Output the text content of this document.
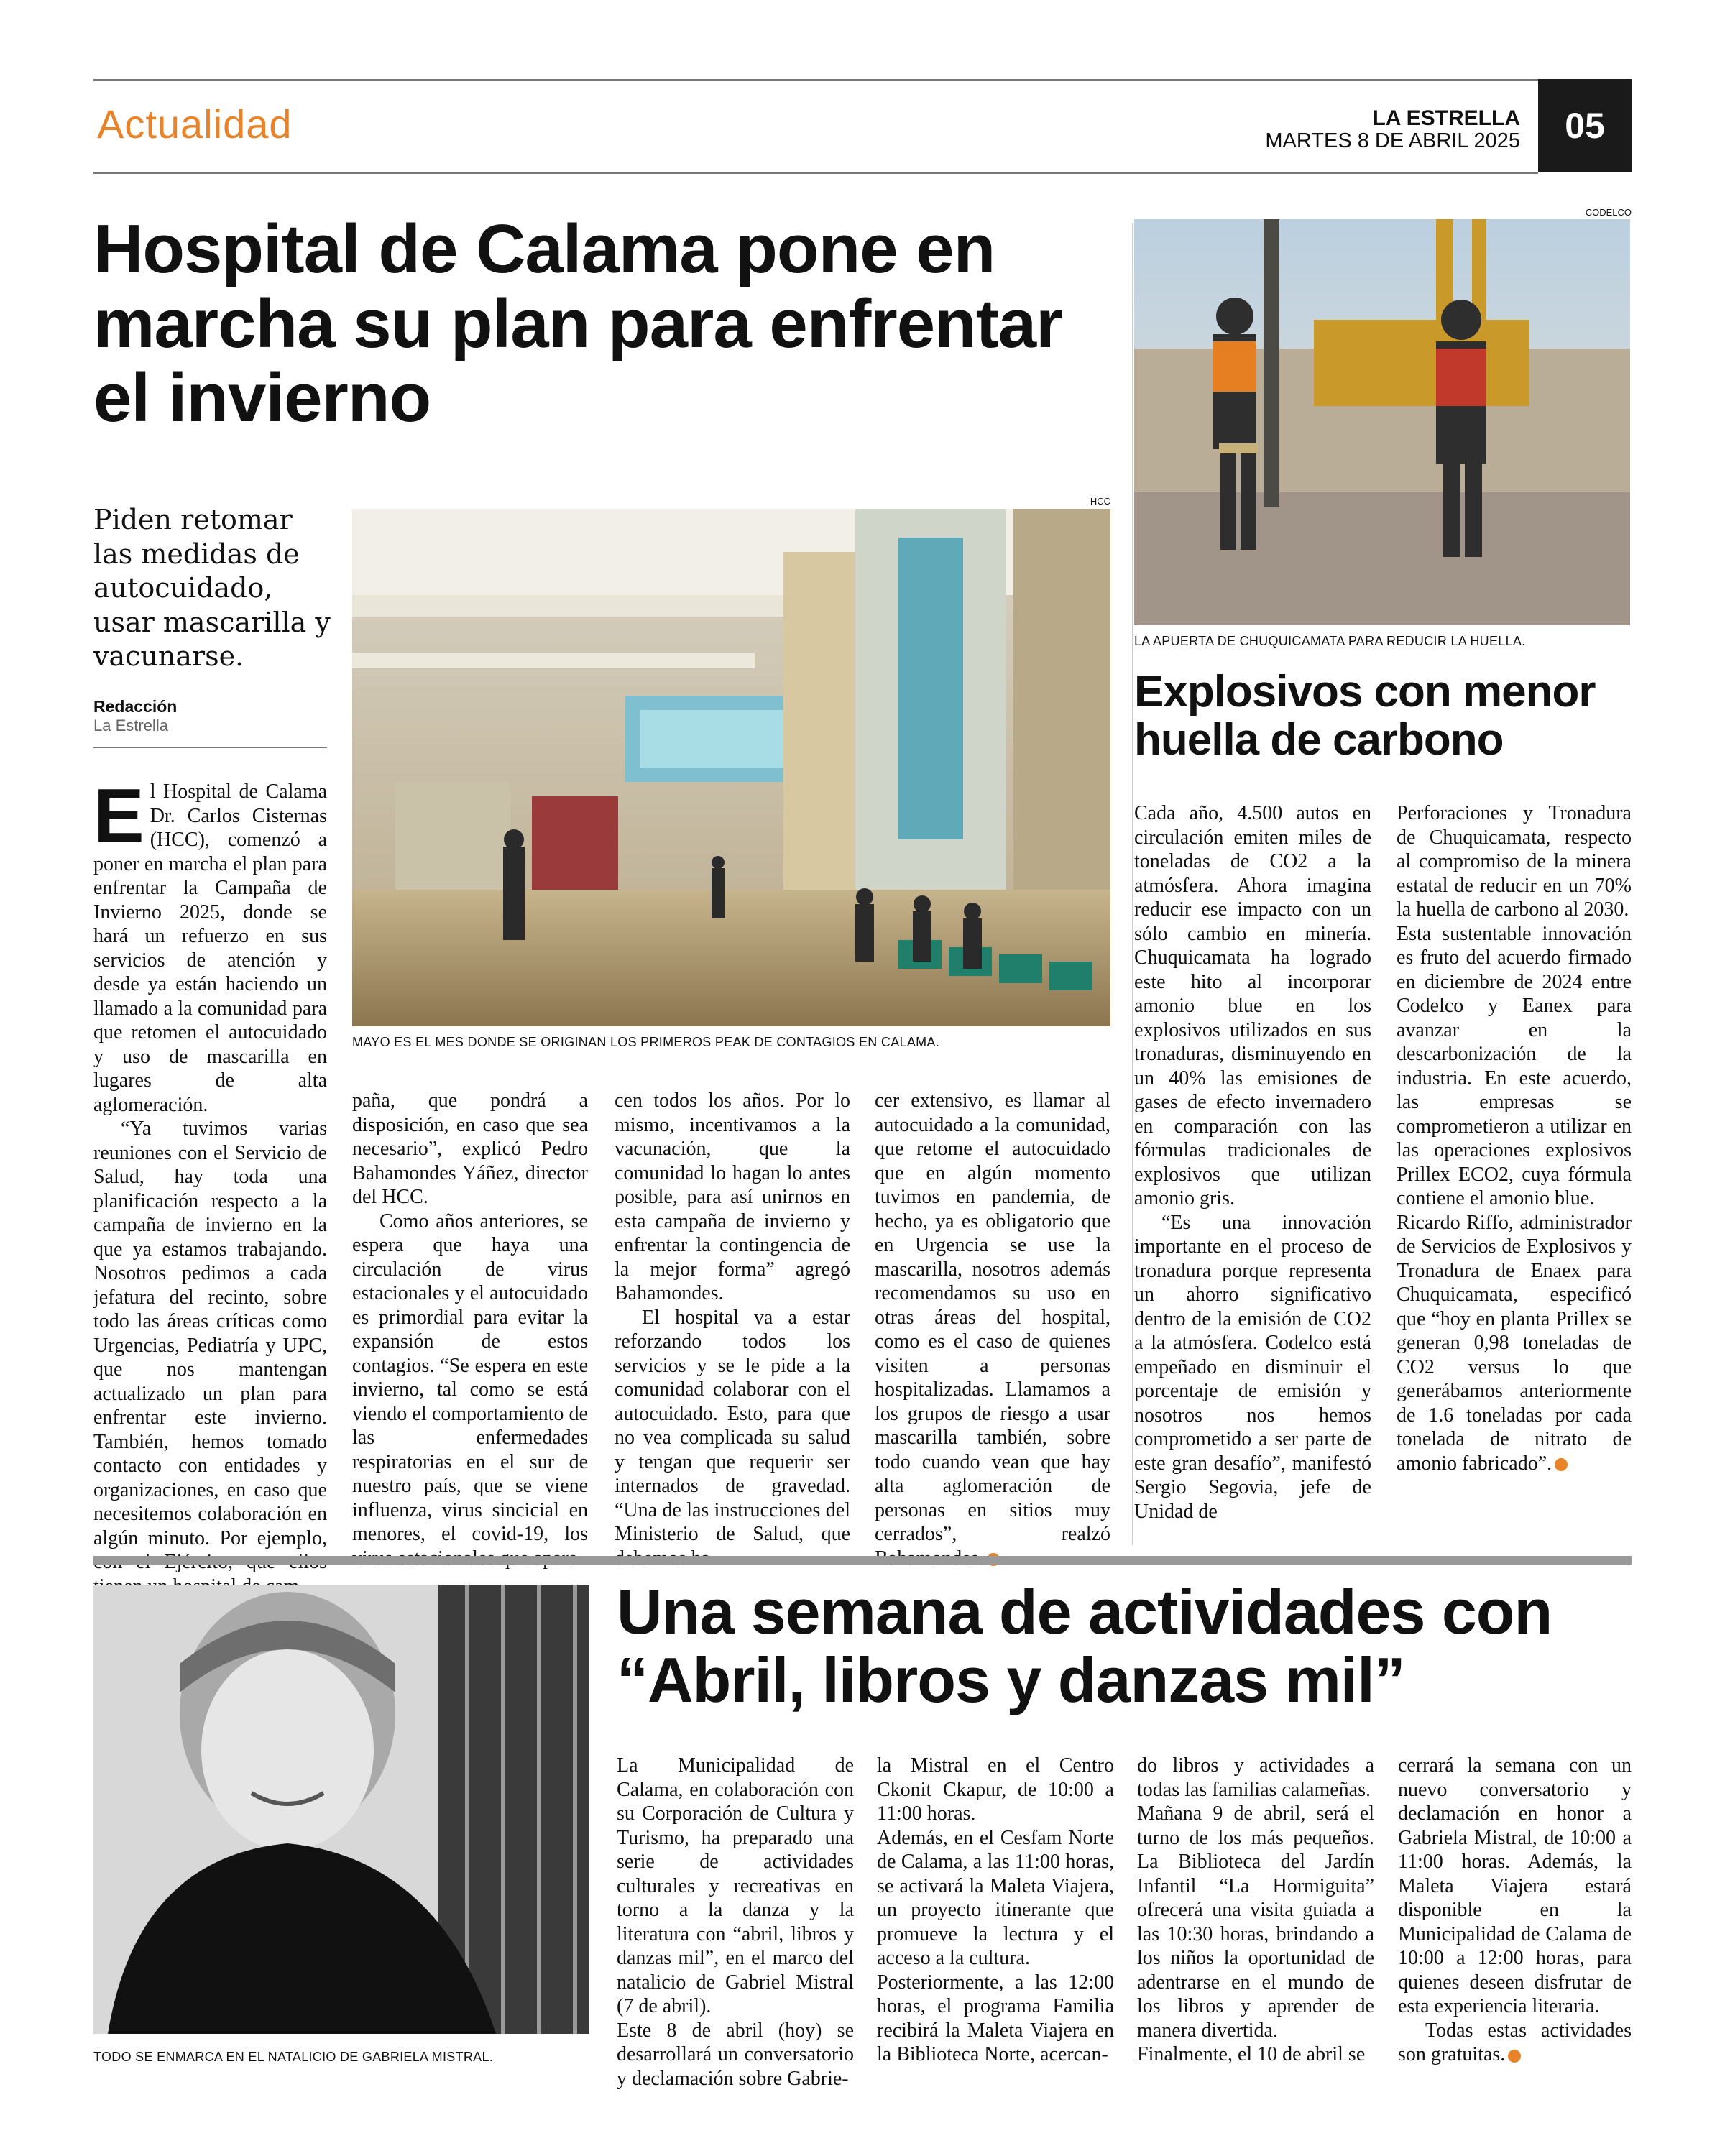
Actualidad	LA ESTRELLA
MARTES 8 DE ABRIL 2025	05
Hospital de Calama pone en marcha su plan para enfrentar el invierno
Piden retomar las medidas de autocuidado, usar mascarilla y vacunarse.
Redacción
La Estrella
HCC
MAYO ES EL MES DONDE SE ORIGINAN LOS PRIMEROS PEAK DE CONTAGIOS EN CALAMA.

El Hospital de Calama Dr. Carlos Cisternas (HCC), comenzó a poner en marcha el plan para enfrentar la Campaña de Invierno 2025, donde se hará un refuerzo en sus servicios de atención y desde ya están haciendo un llamado a la comunidad para que retomen el autocuidado y uso de mascarilla en lugares de alta aglomeración.

“Ya tuvimos varias reuniones con el Servicio de Salud, hay toda una planificación respecto a la campaña de invierno en la que ya estamos trabajando. Nosotros pedimos a cada jefatura del recinto, sobre todo las áreas críticas como Urgencias, Pediatría y UPC, que nos mantengan actualizado un plan para enfrentar este invierno. También, hemos tomado contacto con entidades y organizaciones, en caso que necesitemos colaboración en algún minuto. Por ejemplo,

paña, que pondrá a disposición, en caso que sea necesario”, explicó Pedro Bahamondes Yáñez, director del HCC.

Como años anteriores, se espera que haya una circulación de virus estacionales y el autocuidado es primordial para evitar la expansión de estos contagios. “Se espera en este invierno, tal como se está viendo el comportamiento de las enfermedades respiratorias en el sur de nuestro país, que se viene influenza, virus sincicial en menores, el covid-19, los

cen todos los años. Por lo mismo, incentivamos a la vacunación, que la comunidad lo hagan lo antes posible, para así unirnos en esta campaña de invierno y enfrentar la contingencia de la mejor forma” agregó Bahamondes.

El hospital va a estar reforzando todos los servicios y se le pide a la comunidad colaborar con el autocuidado. Esto, para que no vea complicada su salud y tengan que requerir ser internados de gravedad. “Una de las instrucciones del Ministerio de Salud, que

cer extensivo, es llamar al autocuidado a la comunidad, que retome el autocuidado que en algún momento tuvimos en pandemia, de hecho, ya es obligatorio que en Urgencia se use la mascarilla, nosotros además recomendamos su uso en otras áreas del hospital, como es el caso de quienes visiten a personas hospitalizadas. Llamamos a los grupos de riesgo a usar mascarilla también, sobre todo cuando vean que hay alta aglomeración de personas en sitios muy cerrados”, realzó

CODELCO
LA APUERTA DE CHUQUICAMATA PARA REDUCIR LA HUELLA.
Explosivos con menor huella de carbono

Cada año, 4.500 autos en circulación emiten miles de toneladas de CO2 a la atmósfera. Ahora imagina reducir ese impacto con un sólo cambio en minería. Chuquicamata ha logrado este hito al incorporar amonio blue en los explosivos utilizados en sus tronaduras, disminuyendo en un 40% las emisiones de gases de efecto invernadero en comparación con las fórmulas tradicionales de explosivos que utilizan amonio gris.

“Es una innovación importante en el proceso de tronadura porque representa un ahorro significativo dentro de la emisión de CO2 a la atmósfera. Codelco está empeñado en disminuir el porcentaje de emisión y nosotros nos hemos comprometido a ser parte de este gran desafío”, manifestó Sergio Segovia, jefe de Unidad de

Perforaciones y Tronadura de Chuquicamata, respecto al compromiso de la minera estatal de reducir en un 70% la huella de carbono al 2030.

Esta sustentable innovación es fruto del acuerdo firmado en diciembre de 2024 entre Codelco y Eanex para avanzar en la descarbonización de la industria. En este acuerdo, las empresas se comprometieron a utilizar en las operaciones explosivos Prillex ECO2, cuya fórmula contiene el amonio blue.

Ricardo Riffo, administrador de Servicios de Explosivos y Tronadura de Enaex para Chuquicamata, especificó que “hoy en planta Prillex se generan 0,98 toneladas de CO2 versus lo que generábamos anteriormente de 1.6 toneladas por cada tonelada de nitrato de amonio fabricado”.

TODO SE ENMARCA EN EL NATALICIO DE GABRIELA MISTRAL.
Una semana de actividades con “Abril, libros y danzas mil”

La Municipalidad de Calama, en colaboración con su Corporación de Cultura y Turismo, ha preparado una serie de actividades culturales y recreativas en torno a la danza y la literatura con “abril, libros y danzas mil”, en el marco del natalicio de Gabriel Mistral (7 de abril).

Este 8 de abril (hoy) se desarrollará un conversatorio y declamación sobre Gabrie-

la Mistral en el Centro Ckonit Ckapur, de 10:00 a 11:00 horas.

Además, en el Cesfam Norte de Calama, a las 11:00 horas, se activará la Maleta Viajera, un proyecto itinerante que promueve la lectura y el acceso a la cultura.

Posteriormente, a las 12:00 horas, el programa Familia recibirá la Maleta Viajera en la Biblioteca Norte, acercan-

do libros y actividades a todas las familias calameñas.

Mañana 9 de abril, será el turno de los más pequeños. La Biblioteca del Jardín Infantil “La Hormiguita” ofrecerá una visita guiada a las 10:30 horas, brindando a los niños la oportunidad de adentrarse en el mundo de los libros y aprender de manera divertida.

Finalmente, el 10 de abril se

cerrará la semana con un nuevo conversatorio y declamación en honor a Gabriela Mistral, de 10:00 a 11:00 horas. Además, la Maleta Viajera estará disponible en la Municipalidad de Calama de 10:00 a 12:00 horas, para quienes deseen disfrutar de esta experiencia literaria.

Todas estas actividades son gratuitas.
